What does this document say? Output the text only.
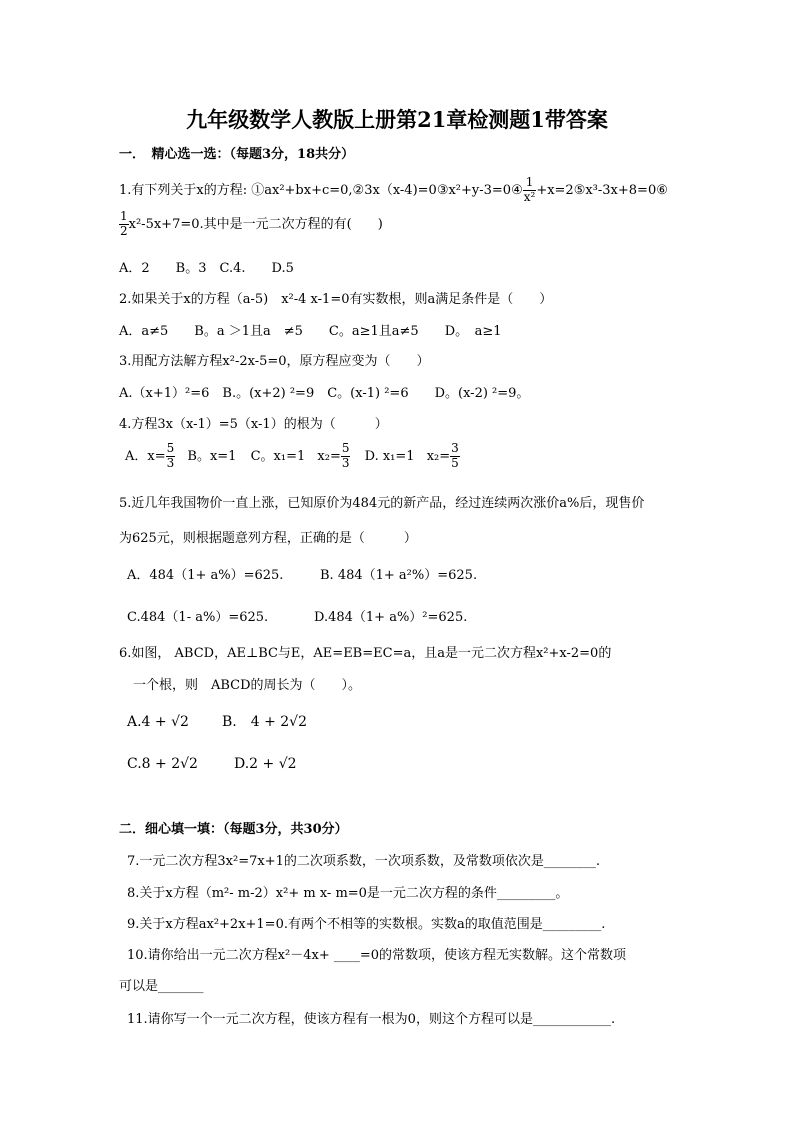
九年级数学人教版上册第21章检测题1带答案
一．　精心选一选：（每题3分，18共分）
1.有下列关于x的方程: ①ax²+bx+c=0,②3x（x-4)=0③x²+y-3=0④ $\frac{1}{\text{x²}}$ +x=2⑤x³-3x+8=0⑥
$\frac{1}{2} x^2-5x+7=0$.其中是一元二次方程的有(　　)
A．2　　B。3　C.4.　　D.5
2.如果关于x的方程（a-5)　x²-4 x-1=0有实数根，则a满足条件是（　　）
A．a≠5　　B。a ＞1且a　≠5　　C。a≥1且a≠5　　D。　a≥1
3.用配方法解方程x²-2x-5=0，原方程应变为（　　）
A.（x+1）²=6　B.。(x+2) ²=9　C。(x-1) ²=6　　D。(x-2) ²=9。
4.方程3x（x-1）=5（x-1）的根为（　　　）
A．$x= \frac{5}{3}$ B。x=1 C。x₁=1 $x_2= \frac{5}{3} D$. x₁=1 $x_2= \frac{3}{5}$
5.近几年我国物价一直上涨，已知原价为484元的新产品，经过连续两次涨价a%后，现售价
为625元，则根据题意列方程，正确的是（　　　）
A．484（1+ a%）=625.	B. 484（1+ a²%）=625.
C.484（1- a%）=625.	D.484（1+ a%）²=625.
6.如图， ABCD，AE⊥BC与E，AE=EB=EC=a，且a是一元二次方程x²+x-2=0的
一个根，则　ABCD的周长为（　　）。
A.4 + √2 B.　4 + 2√2
C.8 + 2√2	D.2 + √2
二．细心填一填：（每题3分，共30分）
7.一元二次方程3x²=7x+1的二次项系数，一次项系数，及常数项依次是________.
8.关于x方程（m²- m-2）x²+ m x- m=0是一元二次方程的条件_________。
9.关于x方程ax²+2x+1=0.有两个不相等的实数根。实数a的取值范围是_________.
10.请你给出一元二次方程x²－4x+ ____=0的常数项，使该方程无实数解。这个常数项
可以是_______
11.请你写一个一元二次方程，使该方程有一根为0，则这个方程可以是____________.
